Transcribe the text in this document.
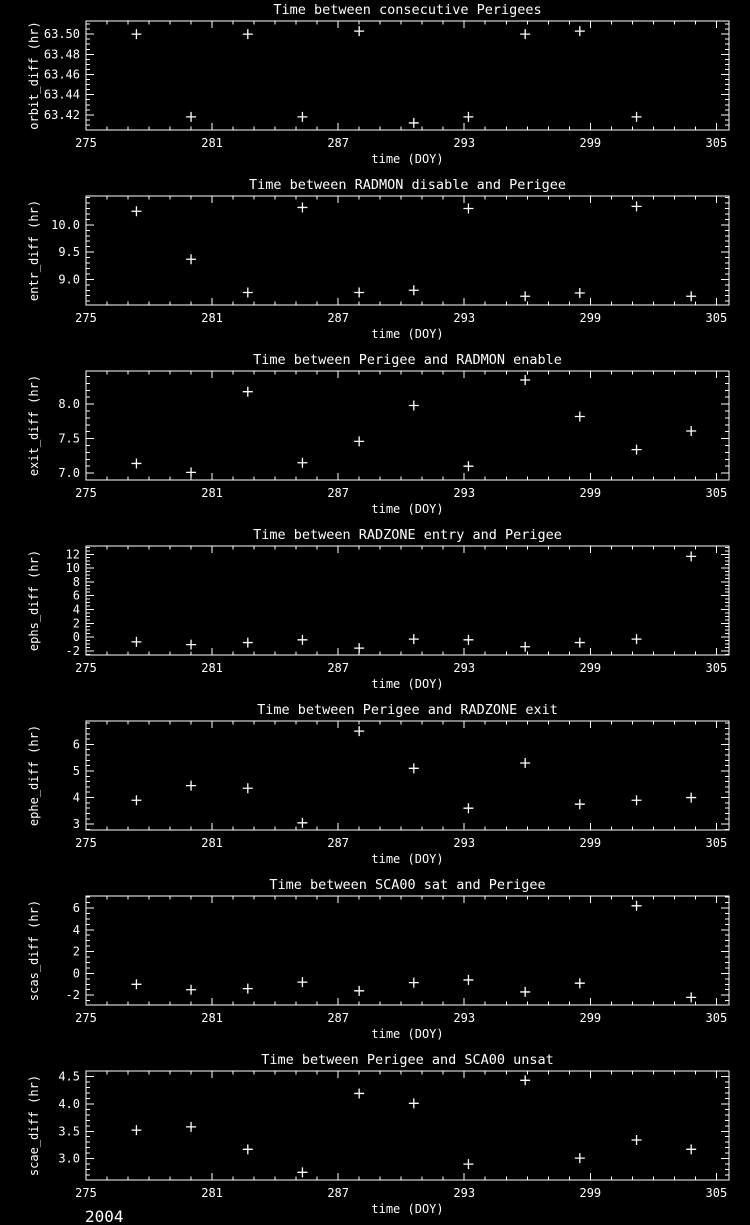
275	281	287	293	299	305
63.42
63.44
63.46
63.48
63.50
Time between consecutive Perigees
time (DOY)
orbit_diff (hr)
275	281	287	293	299	305
9.0
9.5
10.0
Time between RADMON disable and Perigee
time (DOY)
entr_diff (hr)
275	281	287	293	299	305
7.0
7.5
8.0
Time between Perigee and RADMON enable
time (DOY)
exit_diff (hr)
275	281	287	293	299	305
-2
0
2
4
6
8
10
12
Time between RADZONE entry and Perigee
time (DOY)
ephs_diff (hr)
275	281	287	293	299	305
3
4
5
6
Time between Perigee and RADZONE exit
time (DOY)
ephe_diff (hr)
275	281	287	293	299	305
-2
0
2
4
6
Time between SCA00 sat and Perigee
time (DOY)
scas_diff (hr)
275	281	287	293	299	305
3.0
3.5
4.0
4.5
Time between Perigee and SCA00 unsat
time (DOY)
scae_diff (hr)
2004
